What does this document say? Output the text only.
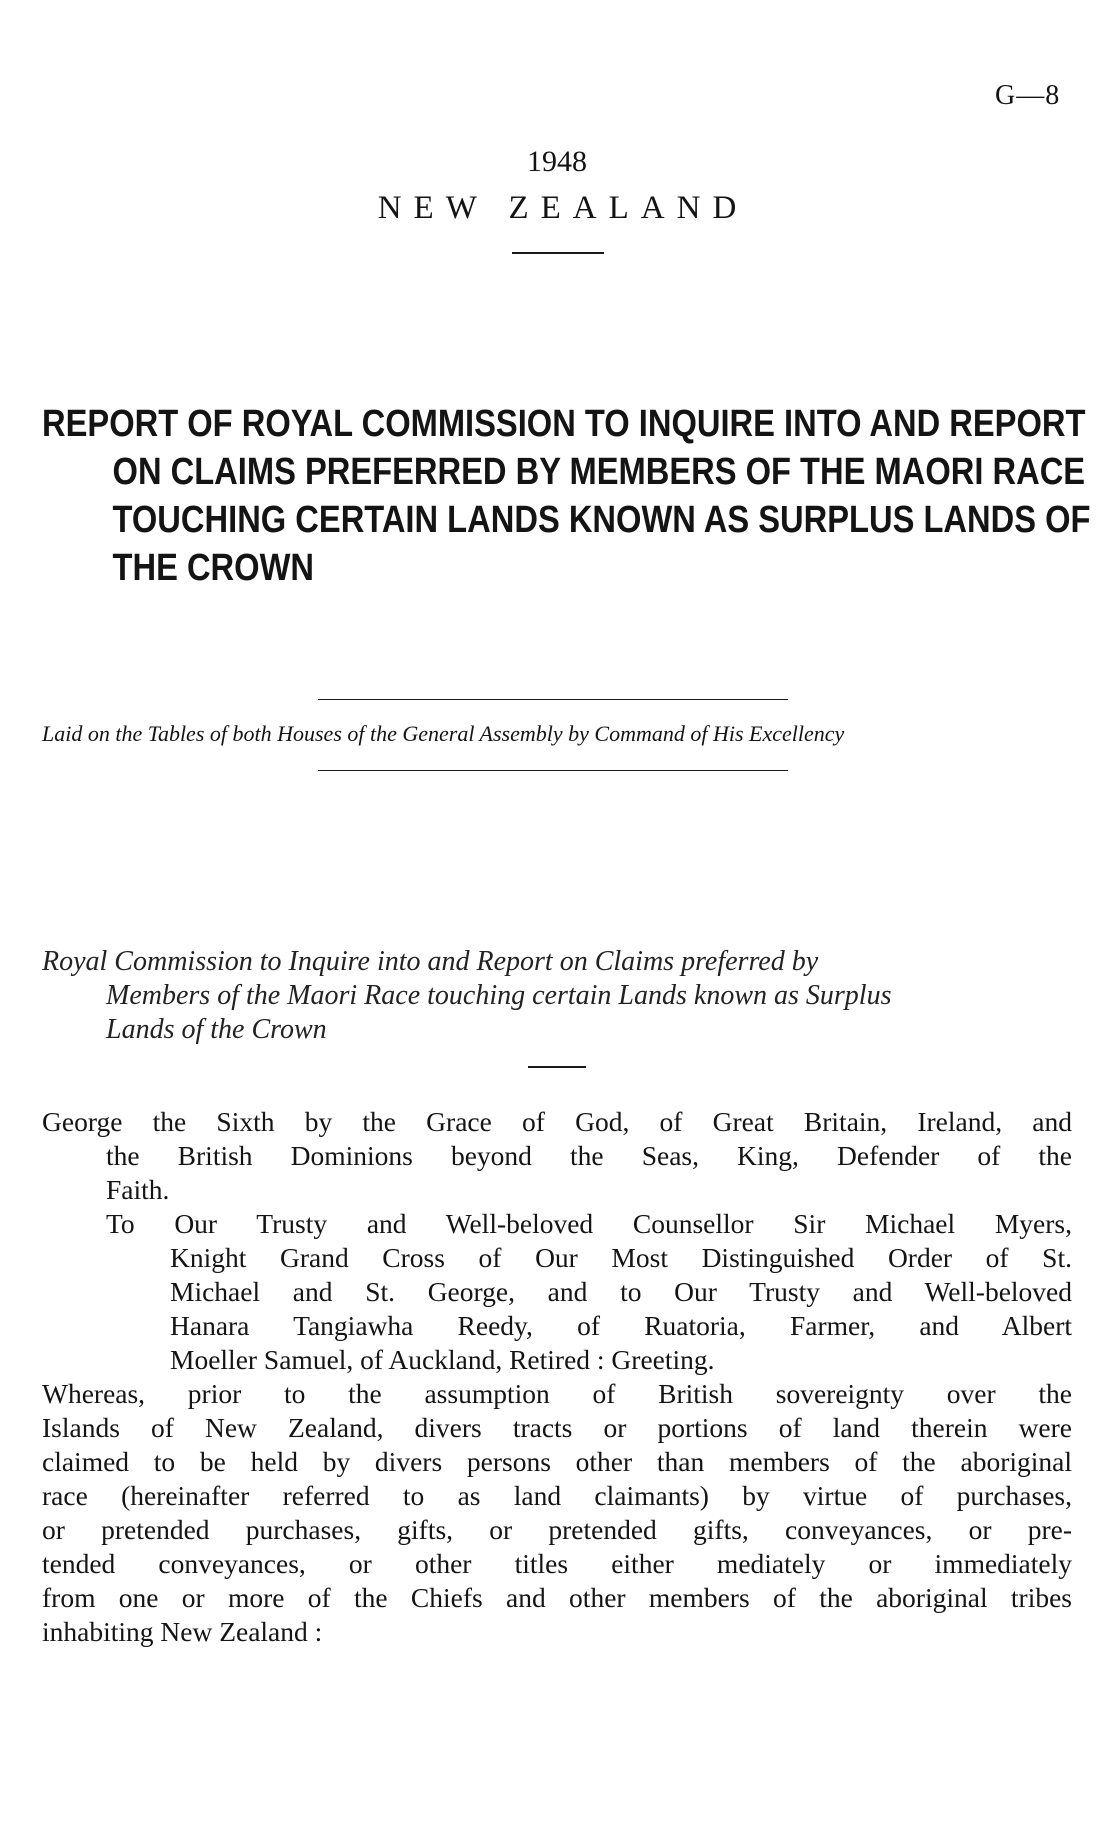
G—8
1948
NEW ZEALAND
REPORT OF ROYAL COMMISSION TO INQUIRE INTO AND REPORT
ON CLAIMS PREFERRED BY MEMBERS OF THE MAORI RACE
TOUCHING CERTAIN LANDS KNOWN AS SURPLUS LANDS OF
THE CROWN
Laid on the Tables of both Houses of the General Assembly by Command of His Excellency
Royal Commission to Inquire into and Report on Claims preferred by
Members of the Maori Race touching certain Lands known as Surplus
Lands of the Crown
George the Sixth by the Grace of God, of Great Britain, Ireland, and
the British Dominions beyond the Seas, King, Defender of the
Faith.
To Our Trusty and Well-beloved Counsellor Sir Michael Myers,
Knight Grand Cross of Our Most Distinguished Order of St.
Michael and St. George, and to Our Trusty and Well-beloved
Hanara Tangiawha Reedy, of Ruatoria, Farmer, and Albert
Moeller Samuel, of Auckland, Retired : Greeting.
Whereas, prior to the assumption of British sovereignty over the
Islands of New Zealand, divers tracts or portions of land therein were
claimed to be held by divers persons other than members of the aboriginal
race (hereinafter referred to as land claimants) by virtue of purchases,
or pretended purchases, gifts, or pretended gifts, conveyances, or pre-
tended conveyances, or other titles either mediately or immediately
from one or more of the Chiefs and other members of the aboriginal tribes
inhabiting New Zealand :
